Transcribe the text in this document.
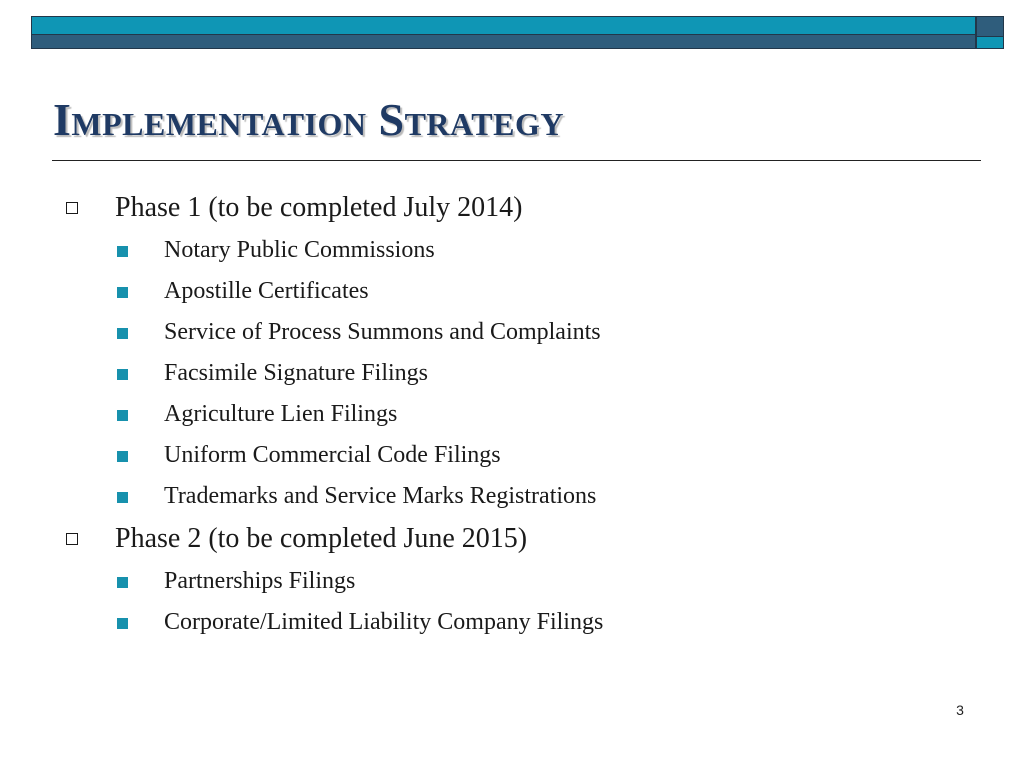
Implementation Strategy
Phase 1 (to be completed July 2014)
Notary Public Commissions
Apostille Certificates
Service of Process Summons and Complaints
Facsimile Signature Filings
Agriculture Lien Filings
Uniform Commercial Code Filings
Trademarks and Service Marks Registrations
Phase 2 (to be completed June 2015)
Partnerships Filings
Corporate/Limited Liability Company Filings
3
